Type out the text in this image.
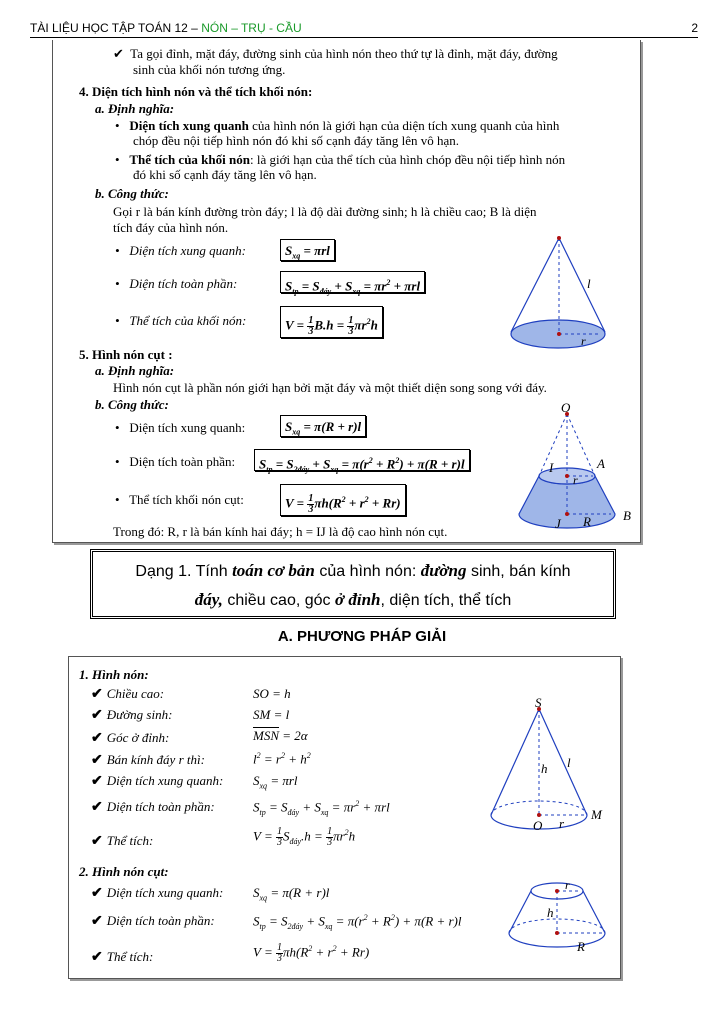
TÀI LIỆU HỌC TẬP TOÁN 12 – NÓN – TRỤ - CẦU	2
✔  Ta gọi đỉnh, mặt đáy, đường sinh của hình nón theo thứ tự là đỉnh, mặt đáy, đường
sinh của khối nón tương ứng.
4. Diện tích hình nón và thể tích khối nón:
a. Định nghĩa:
•   Diện tích xung quanh của hình nón là giới hạn của diện tích xung quanh của hình
chóp đều nội tiếp hình nón đó khi số cạnh đáy tăng lên vô hạn.
•   Thể tích của khối nón: là giới hạn của thể tích của hình chóp đều nội tiếp hình nón
đó khi số cạnh đáy tăng lên vô hạn.
b. Công thức:
Gọi r là bán kính đường tròn đáy; l là độ dài đường sinh; h là chiều cao; B là diện
tích đáy của hình nón.
•   Diện tích xung quanh:	$S_{xq} = \pi rl$
•   Diện tích toàn phần:	$S_{tp} = S_{đáy} + S_{xq} = \pi r^2 + \pi rl$
•   Thể tích của khối nón:	$V = \frac{1}{3} B.h = \frac{1}{3} \pi r^2h$
5. Hình nón cụt :
a. Định nghĩa:
Hình nón cụt là phần nón giới hạn bởi mặt đáy và một thiết diện song song với đáy.
b. Công thức:
•   Diện tích xung quanh:	$S_{xq} = \pi(R + r)l$
•   Diện tích toàn phần:	$S_{tp} = S_{2đáy} + S_{xq} = \pi(r^2 + R^2) + \pi(R + r)l$
•   Thể tích khối nón cụt:	$V = \frac{1}{3} \pi h(R^2 + r^2 + Rr)$
Trong đó: R, r là bán kính hai đáy; h = IJ là độ cao hình nón cụt.
l
r
O
I	A
r
J R B
Dạng 1. Tính toán cơ bản của hình nón: đường sinh, bán kính
đáy, chiều cao, góc ở đỉnh, diện tích, thể tích
A. PHƯƠNG PHÁP GIẢI
1. Hình nón:
✔ Chiều cao:	SO = h
✔ Đường sinh:	SM = l
✔ Góc ở đỉnh:	$\overline{MSN} = 2\alpha$
✔ Bán kính đáy r thì:	$l^2 = r^2 + h^2$
✔ Diện tích xung quanh: $S_{xq} = \pi rl$
✔ Diện tích toàn phần:	$S_{tp} = S_{đáy} + S_{xq} = \pi r^2 + \pi rl$
✔ Thể tích:	$V = \frac{1}{3} S_{đáy}.h = \frac{1}{3} \pi r^2h$
2. Hình nón cụt:
✔ Diện tích xung quanh: $S_{xq} = \pi(R + r)l$
✔ Diện tích toàn phần:	$S_{tp} = S_{2đáy} + S_{xq} = \pi(r^2 + R^2) + \pi(R + r)l$
✔ Thể tích:	$V = \frac{1}{3} \pi h(R^2 + r^2 + Rr)$
S
h l
O r
M
r
h
R
